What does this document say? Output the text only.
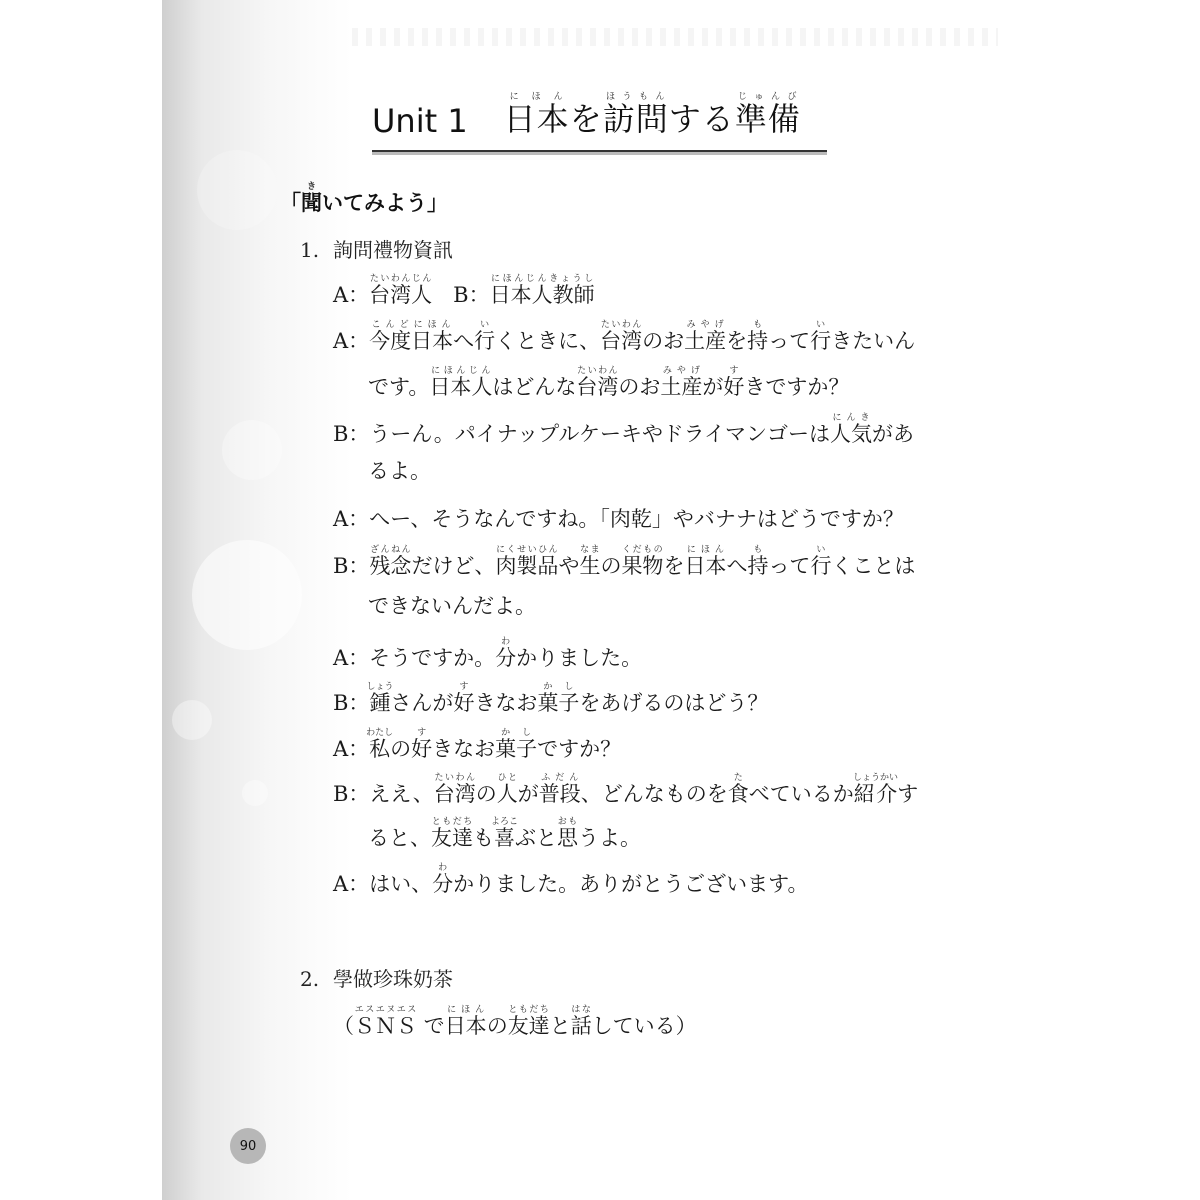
Unit 1 日本にほんを訪問ほうもんする準備じゅんび
「聞きいてみよう」
1. 詢問禮物資訊
A：台湾人たいわんじん　B：日本人教師にほんじんきょうし
A：今度こんど日本にほんへ行いくときに、台湾たいわんのお土産みやげを持もって行いきたいん
です。日本人にほんじんはどんな台湾たいわんのお土産みやげが好すきですか？
B：うーん。パイナップルケーキやドライマンゴーは人気にんきがあ
るよ。
A：へー、そうなんですね。「肉乾」やバナナはどうですか？
B：残念ざんねんだけど、肉製品にくせいひんや生なまの果物くだものを日本にほんへ持もって行いくことは
できないんだよ。
A：そうですか。分わかりました。
B：鍾しょうさんが好すきなお菓子かしをあげるのはどう？
A：私わたしの好すきなお菓子かしですか？
B：ええ、台湾たいわんの人ひとが普段ふだん、どんなものを食たべているか紹介しょうかいす
ると、友達ともだちも喜よろこぶと思おもうよ。
A：はい、分わかりました。ありがとうございます。
2. 學做珍珠奶茶
（ＳＮＳエスエヌエス で日本にほんの友達ともだちと話はなしている）
90
